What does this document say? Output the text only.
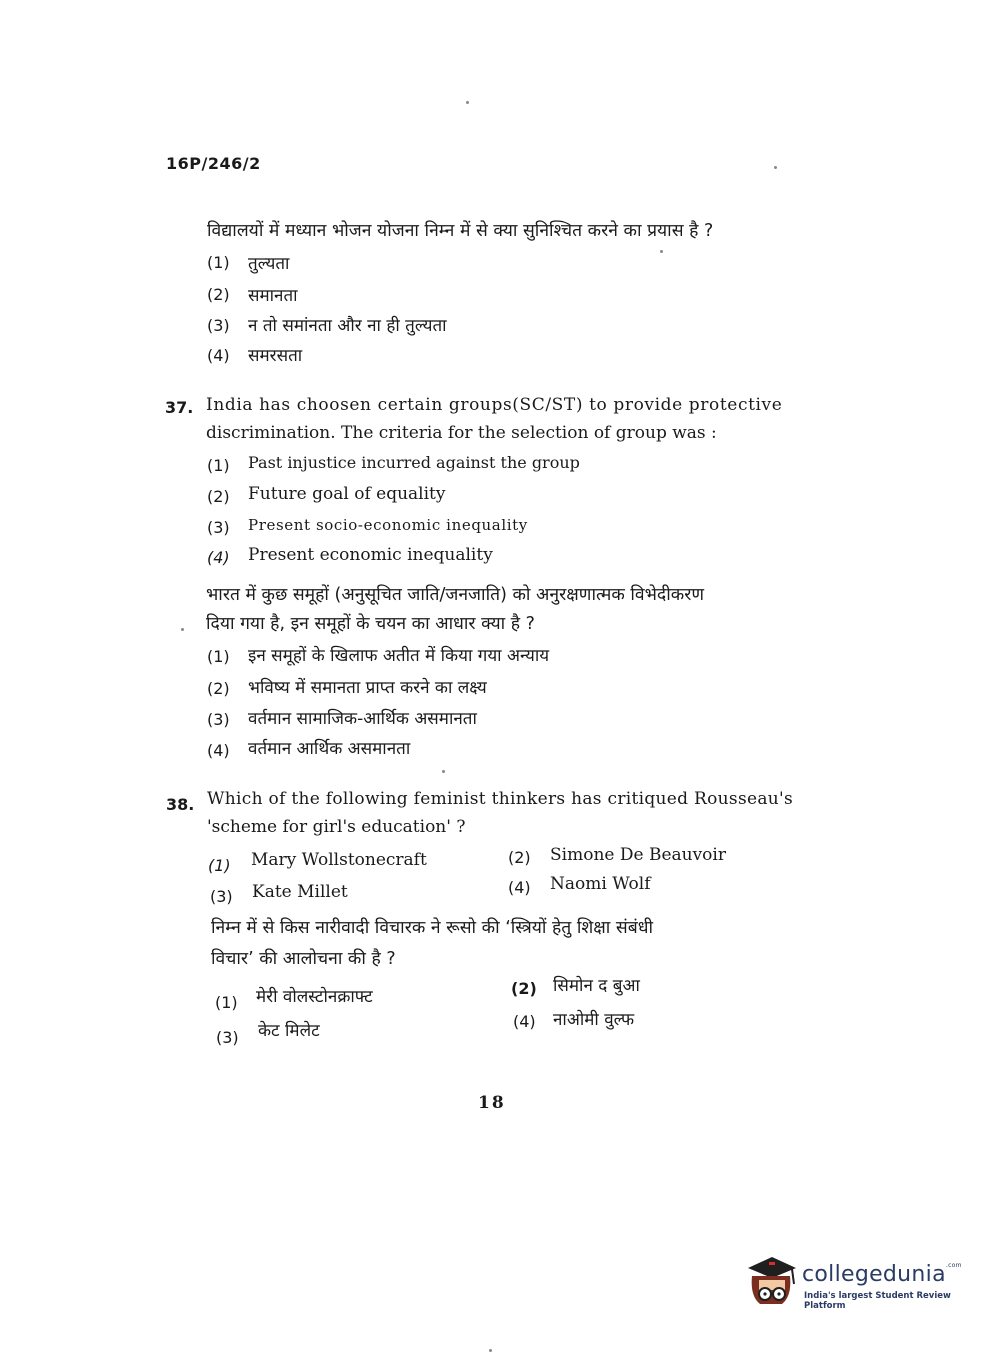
16P/246/2
विद्यालयों में मध्यान भोजन योजना निम्न में से क्या सुनिश्चित करने का प्रयास है ?
(1) तुल्यता
(2) समानता
(3) न तो समांनता और ना ही तुल्यता
(4) समरसता
37. India has choosen certain groups(SC/ST) to provide protective
discrimination. The criteria for the selection of group was :
(1) Past injustice incurred against the group
(2) Future goal of equality
(3) Present socio-economic inequality
(4) Present economic inequality
भारत में कुछ समूहों (अनुसूचित जाति/जनजाति) को अनुरक्षणात्मक विभेदीकरण
दिया गया है, इन समूहों के चयन का आधार क्या है ?
(1) इन समूहों के खिलाफ अतीत में किया गया अन्याय
(2) भविष्य में समानता प्राप्त करने का लक्ष्य
(3) वर्तमान सामाजिक-आर्थिक असमानता
(4) वर्तमान आर्थिक असमानता
38. Which of the following feminist thinkers has critiqued Rousseau's
'scheme for girl's education' ?
(1) Mary Wollstonecraft	(2) Simone De Beauvoir
(3) Kate Millet	(4) Naomi Wolf
निम्न में से किस नारीवादी विचारक ने रूसो की ‘स्त्रियों हेतु शिक्षा संबंधी
विचार’ की आलोचना की है ?
(1) मेरी वोलस्टोनक्राफ्ट	(2) सिमोन द बुआ
(3) केट मिलेट	(4) नाओमी वुल्फ
18
collegedunia$^{.com}$
India's largest Student Review Platform
